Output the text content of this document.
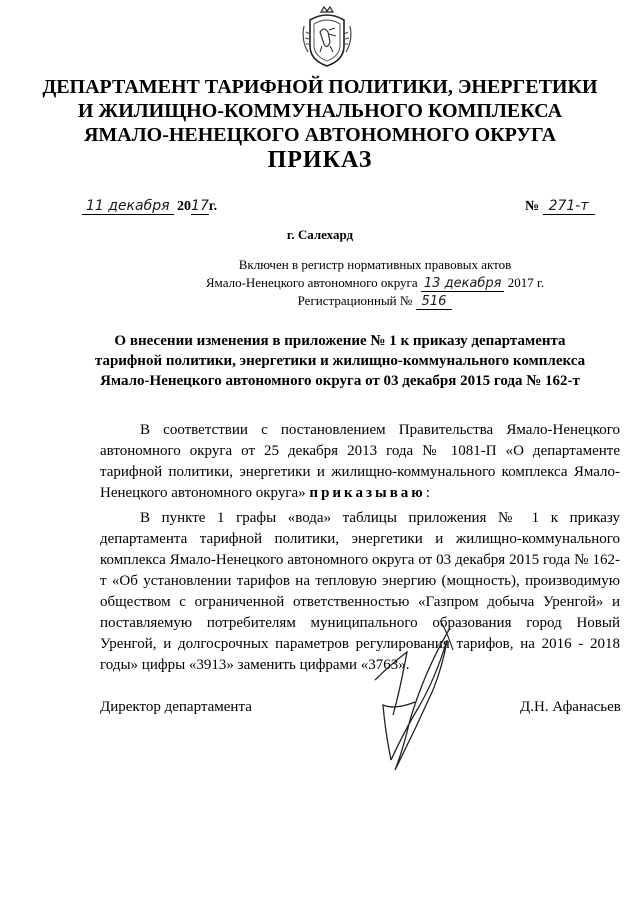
ДЕПАРТАМЕНТ ТАРИФНОЙ ПОЛИТИКИ, ЭНЕРГЕТИКИ
И ЖИЛИЩНО-КОММУНАЛЬНОГО КОМПЛЕКСА
ЯМАЛО-НЕНЕЦКОГО АВТОНОМНОГО ОКРУГА
ПРИКАЗ
11 декабря 2017г.	№ 271-т
г. Салехард
Включен в регистр нормативных правовых актов
Ямало-Ненецкого автономного округа 13 декабря 2017 г.
Регистрационный № 516
О внесении изменения в приложение № 1 к приказу департамента
тарифной политики, энергетики и жилищно-коммунального комплекса
Ямало-Ненецкого автономного округа от 03 декабря 2015 года № 162-т
В соответствии с постановлением Правительства Ямало-Ненецкого автономного округа от 25 декабря 2013 года № 1081-П «О департаменте тарифной политики, энергетики и жилищно-коммунального комплекса Ямало-Ненецкого автономного округа» приказываю:
В пункте 1 графы «вода» таблицы приложения № 1 к приказу департамента тарифной политики, энергетики и жилищно-коммунального комплекса Ямало-Ненецкого автономного округа от 03 декабря 2015 года № 162-т «Об установлении тарифов на тепловую энергию (мощность), производимую обществом с ограниченной ответственностью «Газпром добыча Уренгой» и поставляемую потребителям муниципального образования город Новый Уренгой, и долгосрочных параметров регулирования тарифов, на 2016 - 2018 годы» цифры «3913» заменить цифрами «3763».
Директор департамента	Д.Н. Афанасьев
